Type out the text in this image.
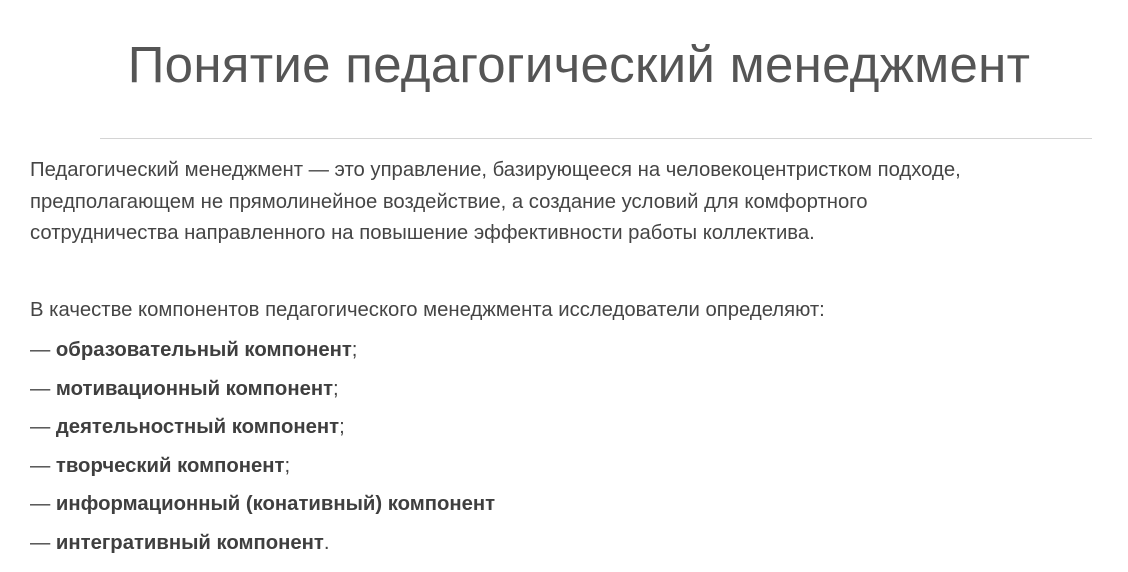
Понятие педагогический менеджмент
Педагогический менеджмент — это управление, базирующееся на человекоцентристком подходе,
предполагающем не прямолинейное воздействие, а создание условий для комфортного
сотрудничества направленного на повышение эффективности работы коллектива.
В качестве компонентов педагогического менеджмента исследователи определяют:
— образовательный компонент;
— мотивационный компонент;
— деятельностный компонент;
— творческий компонент;
— информационный (конативный) компонент
— интегративный компонент.
